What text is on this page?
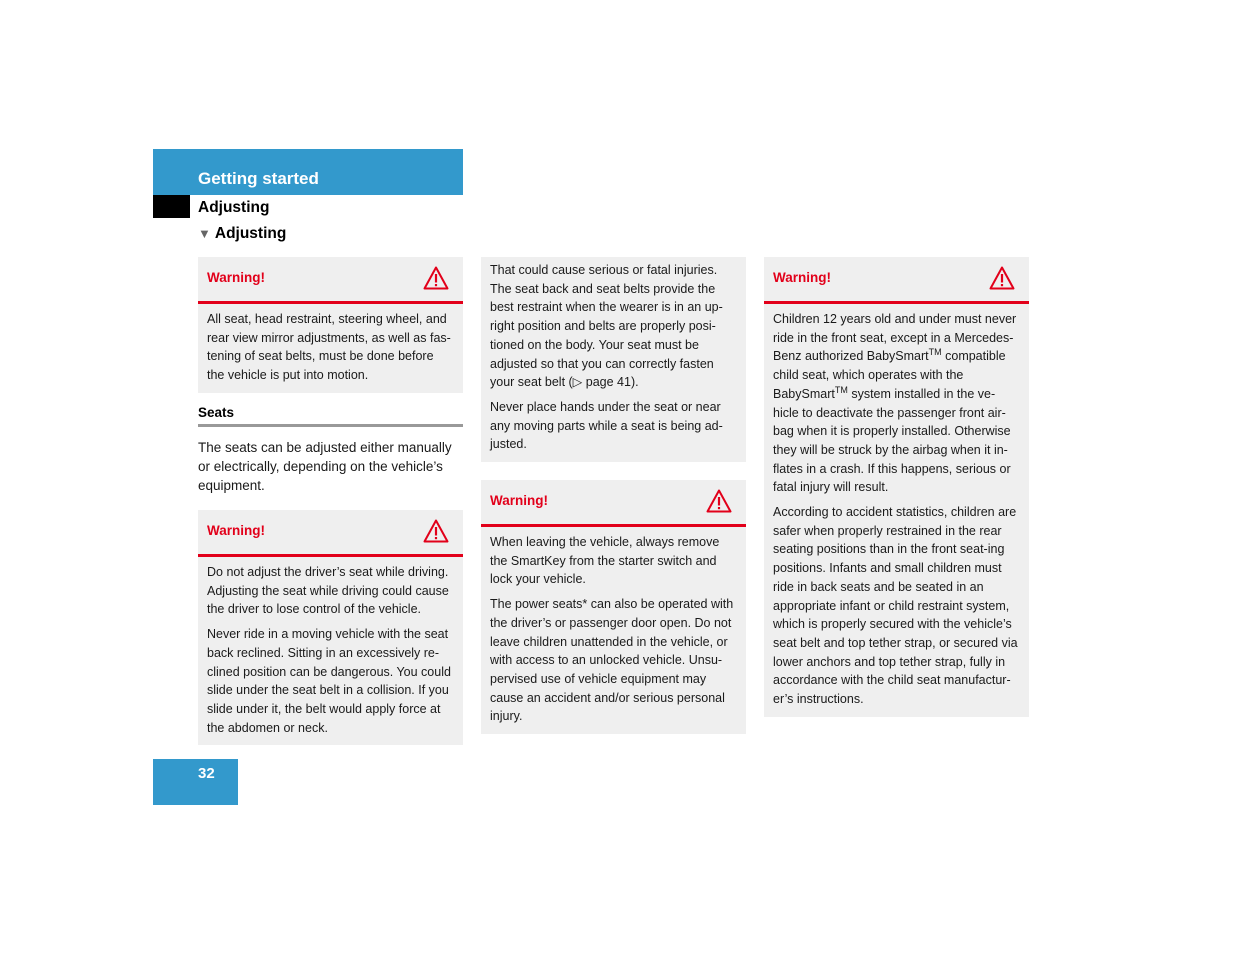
Getting started
Adjusting
▼ Adjusting
Warning!

All seat, head restraint, steering wheel, and rear view mirror adjustments, as well as fas-tening of seat belts, must be done before the vehicle is put into motion.

Seats

The seats can be adjusted either manually or electrically, depending on the vehicle’s equipment.

Warning!

Do not adjust the driver’s seat while driving. Adjusting the seat while driving could cause the driver to lose control of the vehicle.

Never ride in a moving vehicle with the seat back reclined. Sitting in an excessively re-clined position can be dangerous. You could slide under the seat belt in a collision. If you slide under it, the belt would apply force at the abdomen or neck.

That could cause serious or fatal injuries. The seat back and seat belts provide the best restraint when the wearer is in an up-right position and belts are properly posi-tioned on the body. Your seat must be adjusted so that you can correctly fasten your seat belt (▷ page 41).

Never place hands under the seat or near any moving parts while a seat is being ad-justed.

Warning!

When leaving the vehicle, always remove the SmartKey from the starter switch and lock your vehicle.

The power seats* can also be operated with the driver’s or passenger door open. Do not leave children unattended in the vehicle, or with access to an unlocked vehicle. Unsu-pervised use of vehicle equipment may cause an accident and/or serious personal injury.

Warning!

Children 12 years old and under must never ride in the front seat, except in a Mercedes-Benz authorized BabySmart™ compatible child seat, which operates with the BabySmart™ system installed in the ve-hicle to deactivate the passenger front air-bag when it is properly installed. Otherwise they will be struck by the airbag when it in-flates in a crash. If this happens, serious or fatal injury will result.

According to accident statistics, children are safer when properly restrained in the rear seating positions than in the front seat-ing positions. Infants and small children must ride in back seats and be seated in an appropriate infant or child restraint system, which is properly secured with the vehicle’s seat belt and top tether strap, or secured via lower anchors and top tether strap, fully in accordance with the child seat manufactur-er’s instructions.

32
